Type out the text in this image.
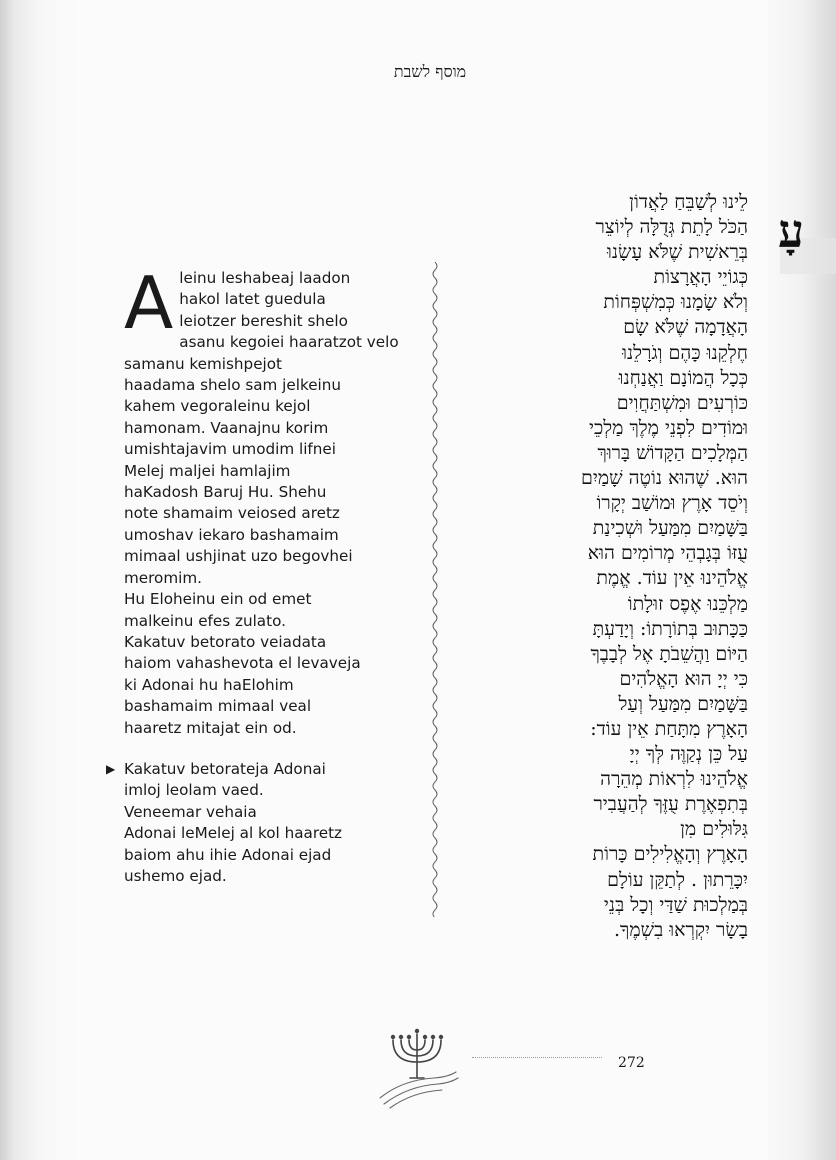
מוסף לשבת
A leinu leshabeaj laadon
hakol latet guedula
leiotzer bereshit shelo
asanu kegoiei haaratzot velo
samanu kemishpejot
haadama shelo sam jelkeinu
kahem vegoraleinu kejol
hamonam. Vaanajnu korim
umishtajavim umodim lifnei
Melej maljei hamlajim
haKadosh Baruj Hu. Shehu
note shamaim veiosed aretz
umoshav iekaro bashamaim
mimaal ushjinat uzo begovhei
meromim.
Hu Eloheinu ein od emet
malkeinu efes zulato.
Kakatuv betorato veiadata
haiom vahashevota el levaveja
ki Adonai hu haElohim
bashamaim mimaal veal
haaretz mitajat ein od.

▶ Kakatuv betorateja Adonai
imloj leolam vaed.
Veneemar vehaia
Adonai leMelej al kol haaretz
baiom ahu ihie Adonai ejad
ushemo ejad.

עָ

לֵינוּ לְשַׁבֵּחַ לַאֲדוֹן
הַכֹּל לָתֵת גְּדֻלָּה לְיוֹצֵר
בְּרֵאשִׁית שֶׁלֹּא עָשָׂנוּ
כְּגוֹיֵי הָאֲרָצוֹת
וְלֹא שָׂמָנוּ כְּמִשְׁפְּחוֹת
הָאֲדָמָה שֶׁלֹּא שָׂם
חֶלְקֵנוּ כָּהֶם וְגֹרָלֵנוּ
כְּכָל הֲמוֹנָם וַאֲנַחְנוּ
כּוֹרְעִים וּמִשְׁתַּחֲוִים
וּמוֹדִים לִפְנֵי מֶלֶךְ מַלְכֵי
הַמְּלָכִים הַקָּדוֹשׁ בָּרוּךְ
הוּא. שֶׁהוּא נוֹטֶה שָׁמַיִם
וְיֹסֵד אָרֶץ וּמוֹשַׁב יְקָרוֹ
בַּשָּׁמַיִם מִמַּעַל וּשְׁכִינַת
עֻזּוֹ בְּגָבְהֵי מְרוֹמִים הוּא
אֱלֹהֵינוּ אֵין עוֹד. אֱמֶת
מַלְכֵּנוּ אֶפֶס זוּלָתוֹ
כַּכָּתוּב בְּתוֹרָתוֹ: וְיָדַעְתָּ
הַיּוֹם וַהֲשֵׁבֹתָ אֶל לְבָבֶךָ
כִּי יְיָ הוּא הָאֱלֹהִים
בַּשָּׁמַיִם מִמַּעַל וְעַל
הָאָרֶץ מִתָּחַת אֵין עוֹד:
עַל כֵּן נְקַוֶּה לְּךָ יְיָ
אֱלֹהֵינוּ לִרְאוֹת מְהֵרָה
בְּתִפְאֶרֶת עֻזֶּךָ לְהַעֲבִיר
גִּלּוּלִים מִן
הָאָרֶץ וְהָאֱלִילִים כָּרוֹת
יִכָּרֵתוּן . לְתַקֵּן עוֹלָם
בְּמַלְכוּת שַׁדַּי וְכָל בְּנֵי
בָשָׂר יִקְרְאוּ בִשְׁמֶךָ.

272
